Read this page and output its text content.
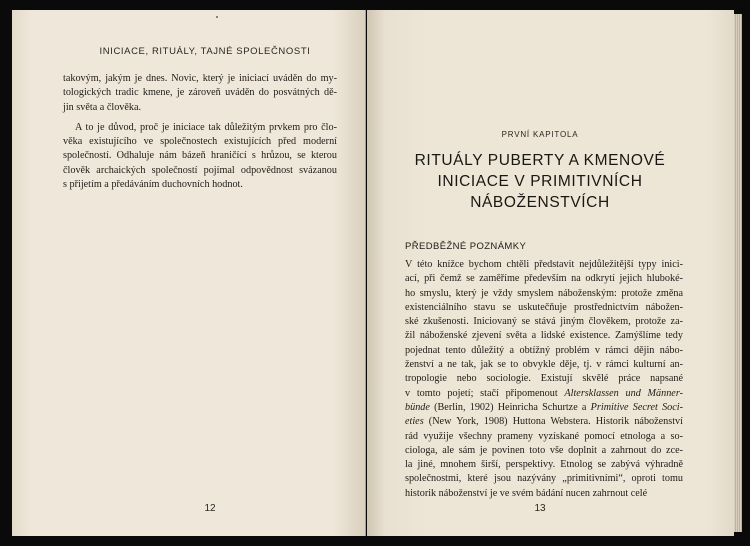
INICIACE, RITUÁLY, TAJNÉ SPOLEČNOSTI
takovým, jakým je dnes. Novic, který je iniciací uváděn do my-
tologických tradic kmene, je zároveň uváděn do posvátných dě-
jin světa a člověka.
A to je důvod, proč je iniciace tak důležitým prvkem pro člo-
věka existujícího ve společnostech existujících před moderní
společností. Odhaluje nám bázeň hraničící s hrůzou, se kterou
člověk archaických společností pojímal odpovědnost svázanou
s přijetím a předáváním duchovních hodnot.
12
PRVNÍ KAPITOLA
RITUÁLY PUBERTY A KMENOVÉ
INICIACE V PRIMITIVNÍCH
NÁBOŽENSTVÍCH
PŘEDBĚŽNÉ POZNÁMKY
V této knížce bychom chtěli představit nejdůležitější typy inici-
ací, při čemž se zaměříme především na odkrytí jejich hluboké-
ho smyslu, který je vždy smyslem náboženským: protože změna
existenciálního stavu se uskutečňuje prostřednictvím nábožen-
ské zkušenosti. Iniciovaný se stává jiným člověkem, protože za-
žil náboženské zjevení světa a lidské existence. Zamýšlíme tedy
pojednat tento důležitý a obtížný problém v rámci dějin nábo-
ženství a ne tak, jak se to obvykle děje, tj. v rámci kulturní an-
tropologie nebo sociologie. Existují skvělé práce napsané
v tomto pojetí; stačí připomenout Altersklassen und Männer-
bünde (Berlin, 1902) Heinricha Schurtze a Primitive Secret Soci-
eties (New York, 1908) Huttona Webstera. Historik náboženství
rád využije všechny prameny vyzískané pomocí etnologa a so-
ciologa, ale sám je povinen toto vše doplnit a zahrnout do zce-
la jiné, mnohem širší, perspektivy. Etnolog se zabývá výhradně
společnostmi, které jsou nazývány „primitivními“, oproti tomu
historik náboženství je ve svém bádání nucen zahrnout celé
13
